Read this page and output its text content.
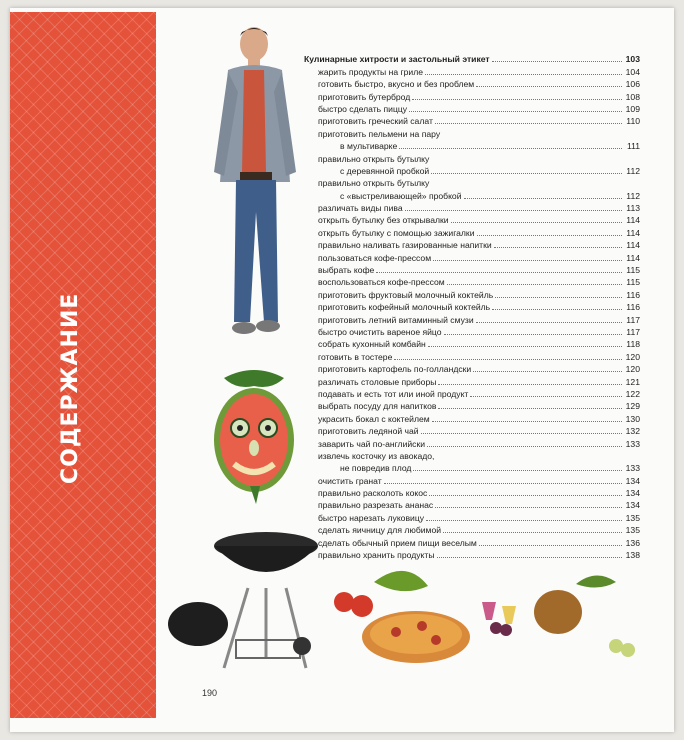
СОДЕРЖАНИЕ
Кулинарные хитрости и застольный этикет	103
жарить продукты на гриле	104
готовить быстро, вкусно и без проблем	106
приготовить бутерброд	108
быстро сделать пиццу	109
приготовить греческий салат	110
приготовить пельмени на пару
в мультиварке	111
правильно открыть бутылку
с деревянной пробкой	112
правильно открыть бутылку
с «выстреливающей» пробкой	112
различать виды пива	113
открыть бутылку без открывалки	114
открыть бутылку с помощью зажигалки	114
правильно наливать газированные напитки	114
пользоваться кофе-прессом	114
выбрать кофе	115
воспользоваться кофе-прессом	115
приготовить фруктовый молочный коктейль	116
приготовить кофейный молочный коктейль	116
приготовить летний витаминный смузи	117
быстро очистить вареное яйцо	117
собрать кухонный комбайн	118
готовить в тостере	120
приготовить картофель по-голландски	120
различать столовые приборы	121
подавать и есть тот или иной продукт	122
выбрать посуду для напитков	129
украсить бокал с коктейлем	130
приготовить ледяной чай	132
заварить чай по-английски	133
извлечь косточку из авокадо,
не повредив плод	133
очистить гранат	134
правильно расколоть кокос	134
правильно разрезать ананас	134
быстро нарезать луковицу	135
сделать яичницу для любимой	135
сделать обычный прием пищи веселым	136
правильно хранить продукты	138
190
